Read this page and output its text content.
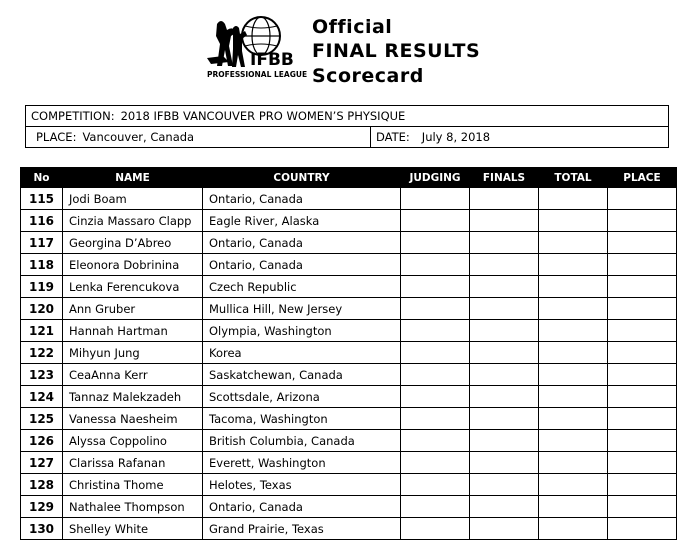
IFBB
PROFESSIONAL LEAGUE
Official
FINAL RESULTS
Scorecard
COMPETITION: 2018 IFBB VANCOUVER PRO WOMEN’S PHYSIQUE
PLACE: Vancouver, Canada	DATE: July 8, 2018
No	NAME	COUNTRY	JUDGING	FINALS	TOTAL	PLACE
115	Jodi Boam	Ontario, Canada				
116	Cinzia Massaro Clapp	Eagle River, Alaska				
117	Georgina D’Abreo	Ontario, Canada				
118	Eleonora Dobrinina	Ontario, Canada				
119	Lenka Ferencukova	Czech Republic				
120	Ann Gruber	Mullica Hill, New Jersey				
121	Hannah Hartman	Olympia, Washington				
122	Mihyun Jung	Korea				
123	CeaAnna Kerr	Saskatchewan, Canada				
124	Tannaz Malekzadeh	Scottsdale, Arizona				
125	Vanessa Naesheim	Tacoma, Washington				
126	Alyssa Coppolino	British Columbia, Canada				
127	Clarissa Rafanan	Everett, Washington				
128	Christina Thome	Helotes, Texas				
129	Nathalee Thompson	Ontario, Canada				
130	Shelley White	Grand Prairie, Texas				
